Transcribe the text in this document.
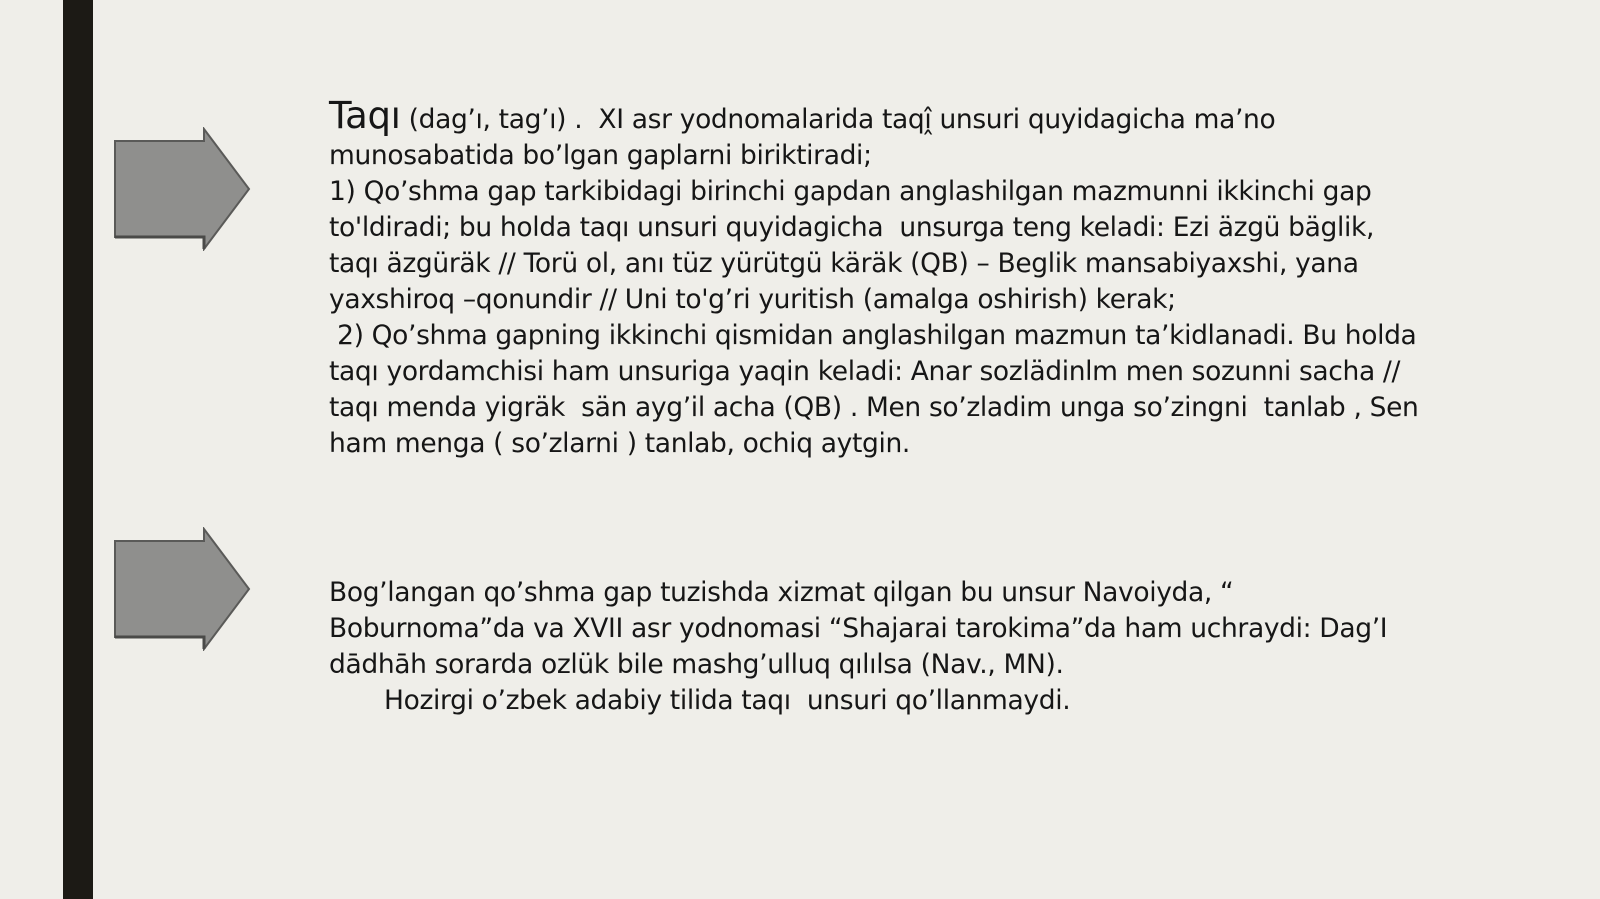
Taqı (dag’ı, tag’ı) .  XI asr yodnomalarida taqı̭̂ unsuri quyidagicha ma’no munosabatida bo’lgan gaplarni biriktiradi;

1) Qo’shma gap tarkibidagi birinchi gapdan anglashilgan mazmunni ikkinchi gap to'ldiradi; bu holda taqı unsuri quyidagicha  unsurga teng keladi: Ezi äzgü bäglik, taqı äzgüräk // Torü ol, anı tüz yürütgü käräk (QB) – Beglik mansabiyaxshi, yana yaxshiroq –qonundir // Uni to'g’ri yuritish (amalga oshirish) kerak;

2) Qo’shma gapning ikkinchi qismidan anglashilgan mazmun ta’kidlanadi. Bu holda taqı yordamchisi ham unsuriga yaqin keladi: Anar sozlädinlm men sozunni sacha // taqı menda yigräk  sän ayg’il acha (QB) . Men so’zladim unga so’zingni  tanlab , Sen ham menga ( so’zlarni ) tanlab, ochiq aytgin.

Bog’langan qo’shma gap tuzishda xizmat qilgan bu unsur Navoiyda, “ Boburnoma”da va XVII asr yodnomasi “Shajarai tarokima”da ham uchraydi: Dag’I dādhāh sorarda ozlük bile mashg’ulluq qılılsa (Nav., MN).

Hozirgi o’zbek adabiy tilida taqı  unsuri qo’llanmaydi.
